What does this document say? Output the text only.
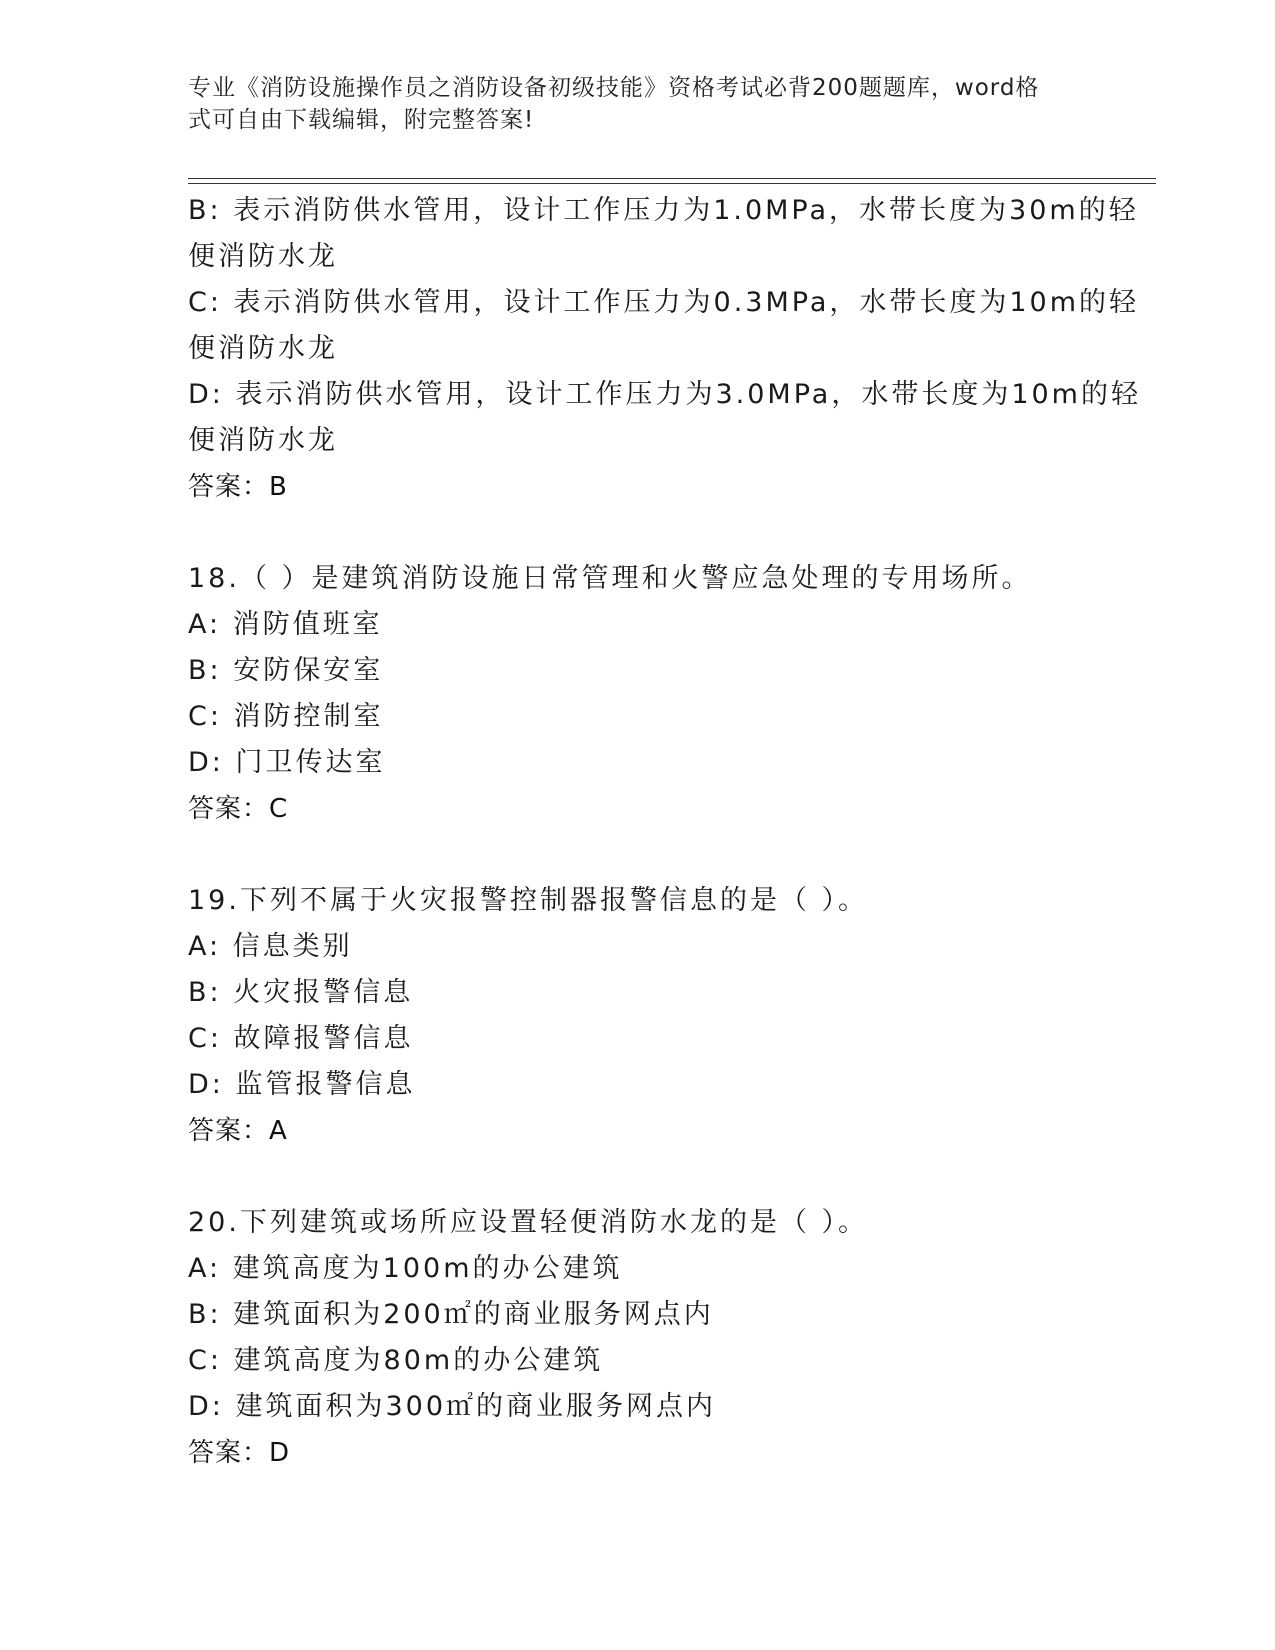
专业《消防设施操作员之消防设备初级技能》资格考试必背200题题库，word格
式可自由下载编辑，附完整答案!
B: 表示消防供水管用，设计工作压力为1.0MPa，水带长度为30m的轻
便消防水龙
C: 表示消防供水管用，设计工作压力为0.3MPa，水带长度为10m的轻
便消防水龙
D: 表示消防供水管用，设计工作压力为3.0MPa，水带长度为10m的轻
便消防水龙
答案：B
18.（ ）是建筑消防设施日常管理和火警应急处理的专用场所。
A: 消防值班室
B: 安防保安室
C: 消防控制室
D: 门卫传达室
答案：C
19.下列不属于火灾报警控制器报警信息的是（ ）。
A: 信息类别
B: 火灾报警信息
C: 故障报警信息
D: 监管报警信息
答案：A
20.下列建筑或场所应设置轻便消防水龙的是（ ）。
A: 建筑高度为100m的办公建筑
B: 建筑面积为200㎡的商业服务网点内
C: 建筑高度为80m的办公建筑
D: 建筑面积为300㎡的商业服务网点内
答案：D
